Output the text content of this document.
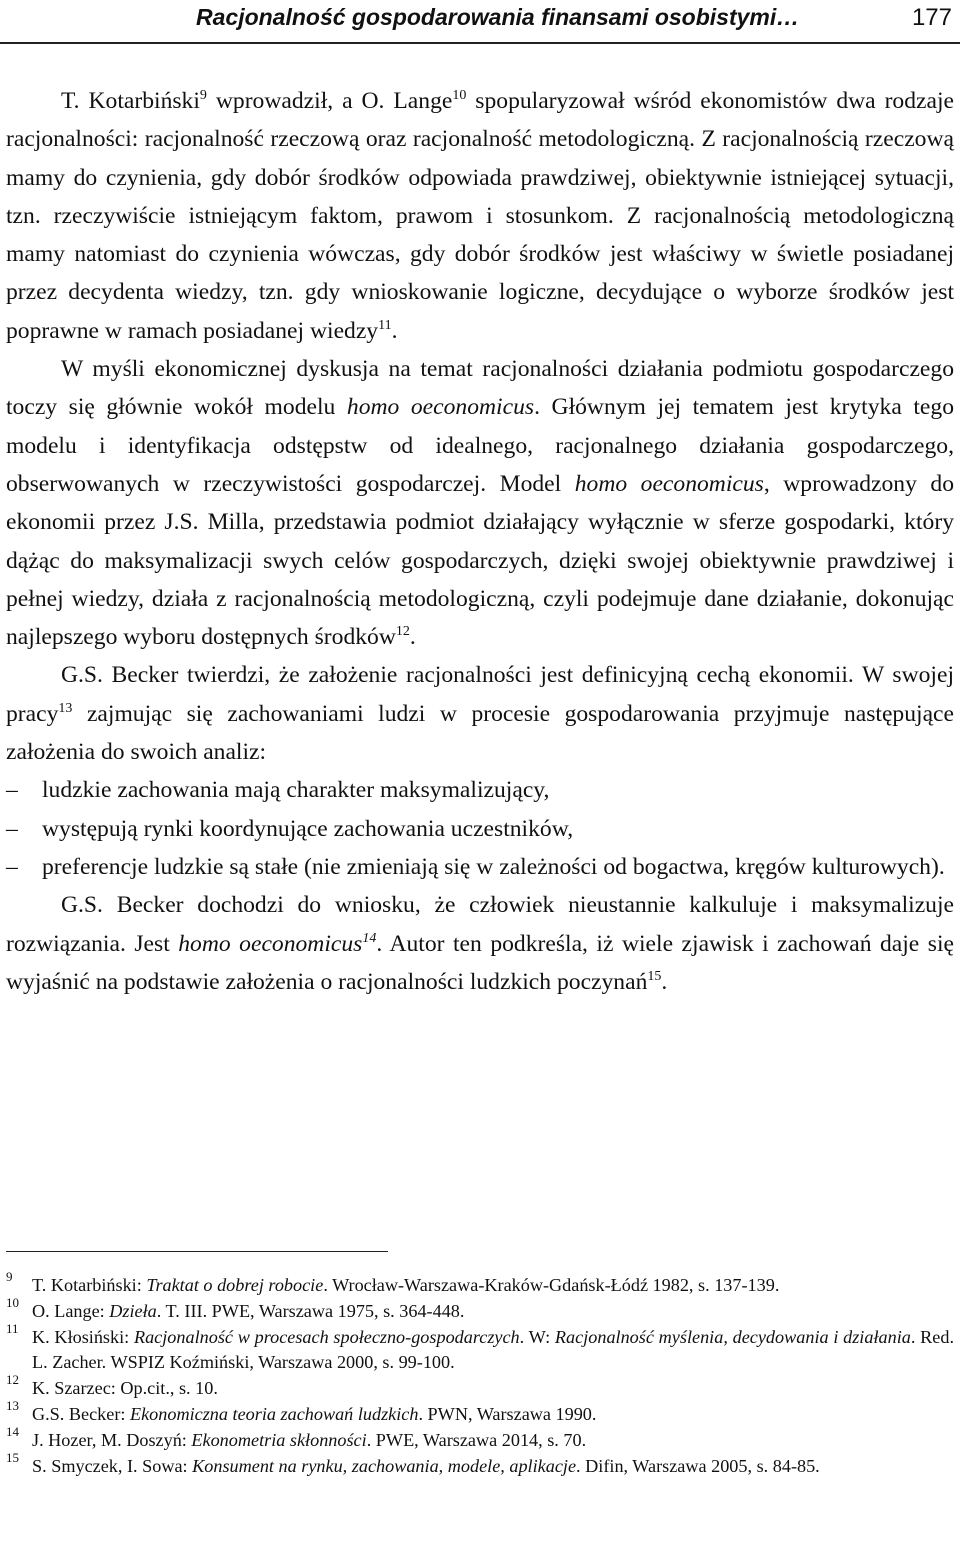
Racjonalność gospodarowania finansami osobistymi…	177

T. Kotarbiński$^9$ wprowadził, a O. Lange$^{10}$ spopularyzował wśród ekonomistów dwa rodzaje racjonalności: racjonalność rzeczową oraz racjonalność metodologiczną. Z racjonalnością rzeczową mamy do czynienia, gdy dobór środków odpowiada prawdziwej, obiektywnie istniejącej sytuacji, tzn. rzeczywiście istniejącym faktom, prawom i stosunkom. Z racjonalnością metodologiczną mamy natomiast do czynienia wówczas, gdy dobór środków jest właściwy w świetle posiadanej przez decydenta wiedzy, tzn. gdy wnioskowanie logiczne, decydujące o wyborze środków jest poprawne w ramach posiadanej wiedzy$^{11}$.

W myśli ekonomicznej dyskusja na temat racjonalności działania podmiotu gospodarczego toczy się głównie wokół modelu homo oeconomicus. Głównym jej tematem jest krytyka tego modelu i identyfikacja odstępstw od idealnego, racjonalnego działania gospodarczego, obserwowanych w rzeczywistości gospodarczej. Model homo oeconomicus, wprowadzony do ekonomii przez J.S. Milla, przedstawia podmiot działający wyłącznie w sferze gospodarki, który dążąc do maksymalizacji swych celów gospodarczych, dzięki swojej obiektywnie prawdziwej i pełnej wiedzy, działa z racjonalnością metodologiczną, czyli podejmuje dane działanie, dokonując najlepszego wyboru dostępnych środków$^{12}$.

G.S. Becker twierdzi, że założenie racjonalności jest definicyjną cechą ekonomii. W swojej pracy$^{13}$ zajmując się zachowaniami ludzi w procesie gospodarowania przyjmuje następujące założenia do swoich analiz:

– ludzkie zachowania mają charakter maksymalizujący,
– występują rynki koordynujące zachowania uczestników,
– preferencje ludzkie są stałe (nie zmieniają się w zależności od bogactwa, kręgów kulturowych).

G.S. Becker dochodzi do wniosku, że człowiek nieustannie kalkuluje i maksymalizuje rozwiązania. Jest homo oeconomicus$^{14}$. Autor ten podkreśla, iż wiele zjawisk i zachowań daje się wyjaśnić na podstawie założenia o racjonalności ludzkich poczynań$^{15}$.

9 T. Kotarbiński: Traktat o dobrej robocie. Wrocław-Warszawa-Kraków-Gdańsk-Łódź 1982, s. 137-139.
10 O. Lange: Dzieła. T. III. PWE, Warszawa 1975, s. 364-448.
11 K. Kłosiński: Racjonalność w procesach społeczno-gospodarczych. W: Racjonalność myślenia, decydowania i działania. Red. L. Zacher. WSPIZ Koźmiński, Warszawa 2000, s. 99-100.
12 K. Szarzec: Op.cit., s. 10.
13 G.S. Becker: Ekonomiczna teoria zachowań ludzkich. PWN, Warszawa 1990.
14 J. Hozer, M. Doszyń: Ekonometria skłonności. PWE, Warszawa 2014, s. 70.
15 S. Smyczek, I. Sowa: Konsument na rynku, zachowania, modele, aplikacje. Difin, Warszawa 2005, s. 84-85.
